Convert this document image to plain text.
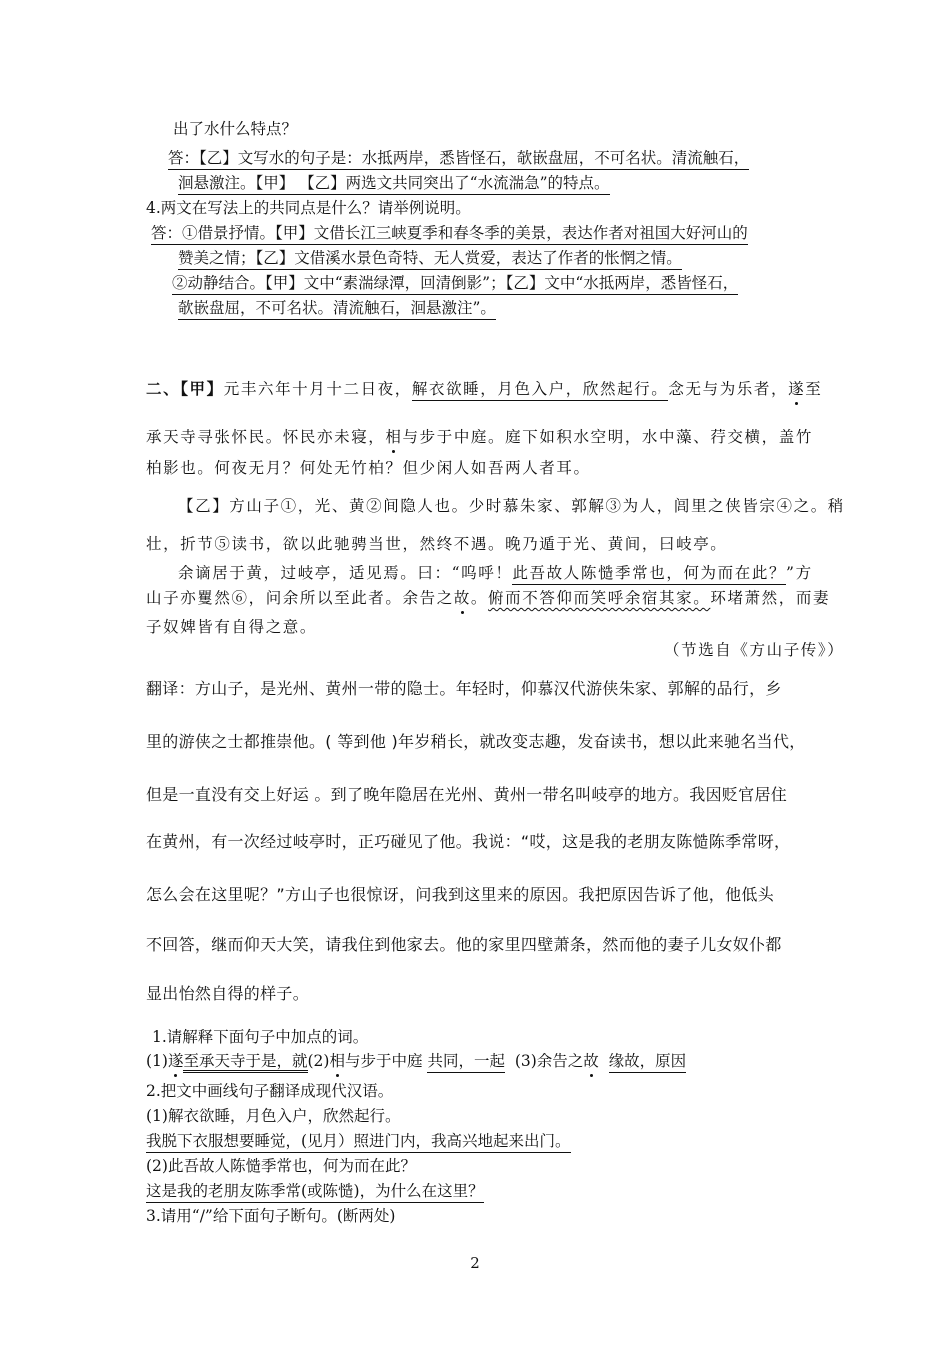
出了水什么特点？
答：【乙】文写水的句子是：水抵两岸，悉皆怪石，欹嵌盘屈，不可名状。清流触石，
洄悬激注。【甲】 【乙】两选文共同突出了“水流湍急”的特点。
4.两文在写法上的共同点是什么？请举例说明。
答：①借景抒情。【甲】文借长江三峡夏季和春冬季的美景，表达作者对祖国大好河山的
赞美之情；【乙】文借溪水景色奇特、无人赏爱，表达了作者的怅惘之情。
②动静结合。【甲】文中“素湍绿潭，回清倒影”；【乙】文中“水抵两岸，悉皆怪石，
欹嵌盘屈，不可名状。清流触石，洄悬激注”。
二、【甲】元丰六年十月十二日夜，解衣欲睡，月色入户，欣然起行。念无与为乐者，遂至
承天寺寻张怀民。怀民亦未寝，相与步于中庭。庭下如积水空明，水中藻、荇交横，盖竹
柏影也。何夜无月？何处无竹柏？但少闲人如吾两人者耳。
【乙】方山子①，光、黄②间隐人也。少时慕朱家、郭解③为人，闾里之侠皆宗④之。稍
壮，折节⑤读书，欲以此驰骋当世，然终不遇。晚乃遁于光、黄间，曰岐亭。
余谪居于黄，过岐亭，适见焉。曰：“呜呼！此吾故人陈慥季常也，何为而在此？”方
山子亦矍然⑥，问余所以至此者。余告之故。俯而不答仰而笑呼余宿其家。环堵萧然，而妻
子奴婢皆有自得之意。
（节选自《方山子传》）
翻译：方山子，是光州、黄州一带的隐士。年轻时，仰慕汉代游侠朱家、郭解的品行，乡
里的游侠之士都推崇他。( 等到他 )年岁稍长，就改变志趣，发奋读书，想以此来驰名当代，
但是一直没有交上好运 。到了晚年隐居在光州、黄州一带名叫岐亭的地方。我因贬官居住
在黄州，有一次经过岐亭时，正巧碰见了他。我说：“哎，这是我的老朋友陈慥陈季常呀，
怎么会在这里呢？”方山子也很惊讶，问我到这里来的原因。我把原因告诉了他，他低头
不回答，继而仰天大笑，请我住到他家去。他的家里四壁萧条，然而他的妻子儿女奴仆都
显出怡然自得的样子。
1.请解释下面句子中加点的词。
(1)遂至承天寺于是，就(2)相与步于中庭 共同，一起 (3)余告之故 缘故，原因
2.把文中画线句子翻译成现代汉语。
(1)解衣欲睡，月色入户，欣然起行。
我脱下衣服想要睡觉，(见月）照进门内，我高兴地起来出门。
(2)此吾故人陈慥季常也，何为而在此？
这是我的老朋友陈季常(或陈慥)，为什么在这里？
3.请用“/”给下面句子断句。(断两处)
2
